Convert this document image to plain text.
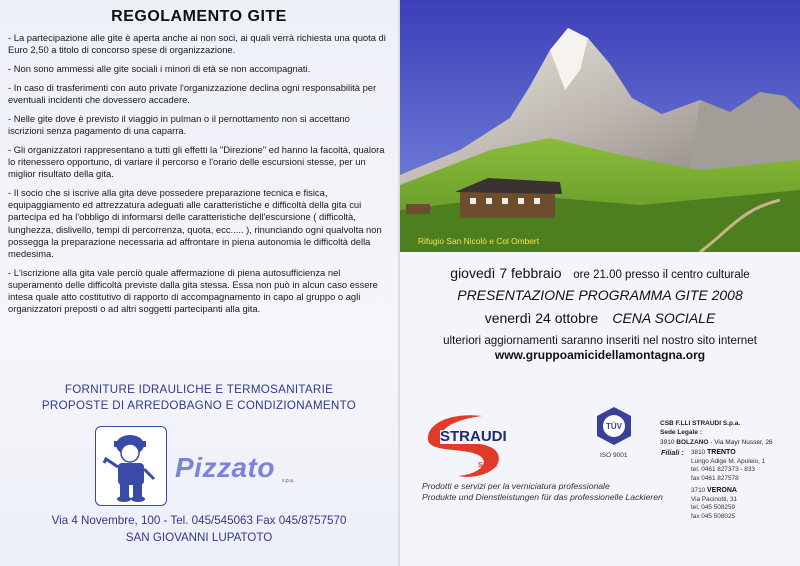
REGOLAMENTO GITE

- La partecipazione alle gite è aperta anche ai non soci, ai quali verrà richiesta una quota di Euro 2,50 a titolo di concorso spese di organizzazione.

- Non sono ammessi alle gite sociali i minori di età se non accompagnati.

- In caso di trasferimenti con auto private l'organizzazione declina ogni responsabilità per eventuali incidenti che dovessero accadere.

- Nelle gite dove è previsto il viaggio in pulman o il pernottamento non si accettano iscrizioni senza pagamento di una caparra.

- Gli organizzatori rappresentano a tutti gli effetti la "Direzione" ed hanno la facoltà, qualora lo ritenessero opportuno, di variare il percorso e l'orario delle escursioni stesse, per un miglior risultato della gita.

- Il socio che si iscrive alla gita deve possedere preparazione tecnica e fisica, equipaggiamento ed attrezzatura adeguati alle caratteristiche e difficoltà della gita cui partecipa ed ha l'obbligo di informarsi delle caratteristiche dell'escursione ( difficoltà, lunghezza, dislivello, tempi di percorrenza, quota, ecc..... ), rinunciando ogni qualvolta non possegga la preparazione necessaria ad affrontare in piena autonomia le difficoltà della medesima.

- L'iscrizione alla gita vale perciò quale affermazione di piena autosufficienza nel superamento delle difficoltà previste dalla gita stessa. Essa non può in alcun caso essere intesa quale atto costitutivo di rapporto di accompagnamento in capo al gruppo o agli organizzatori preposti o ad altri soggetti partecipanti alla gita.

FORNITURE IDRAULICHE E TERMOSANITARIE
PROPOSTE DI ARREDOBAGNO E CONDIZIONAMENTO
Pizzato s.p.a.
Via 4 Novembre, 100 - Tel. 045/545063 Fax 045/8757570
SAN GIOVANNI LUPATOTO
Rifugio San Nicolò e Col Ombert
giovedì 7 febbraio ore 21.00 presso il centro culturale
PRESENTAZIONE PROGRAMMA GITE 2008
venerdì 24 ottobre CENA SOCIALE
ulteriori aggiornamenti saranno inseriti nel nostro sito internet
www.gruppoamicidellamontagna.org
STRAUDI
S.p.A.
Prodotti e servizi per la verniciatura professionale
Produkte und Dienstleistungen für das professionelle Lackieren
TÜV
ISO 9001
CSB F.LLI STRAUDI S.p.a.
Sede Legale :
3910 BOLZANO - Via Mayr Nusser, 26
Filiali : 3810 TRENTO
Lungo Adige M. Apuleio, 1
tel. 0461 827373 - 833
fax 0461 827578
3710 VERONA
Via Pacinotti, 31
tel. 045 508259
fax 045 508025
